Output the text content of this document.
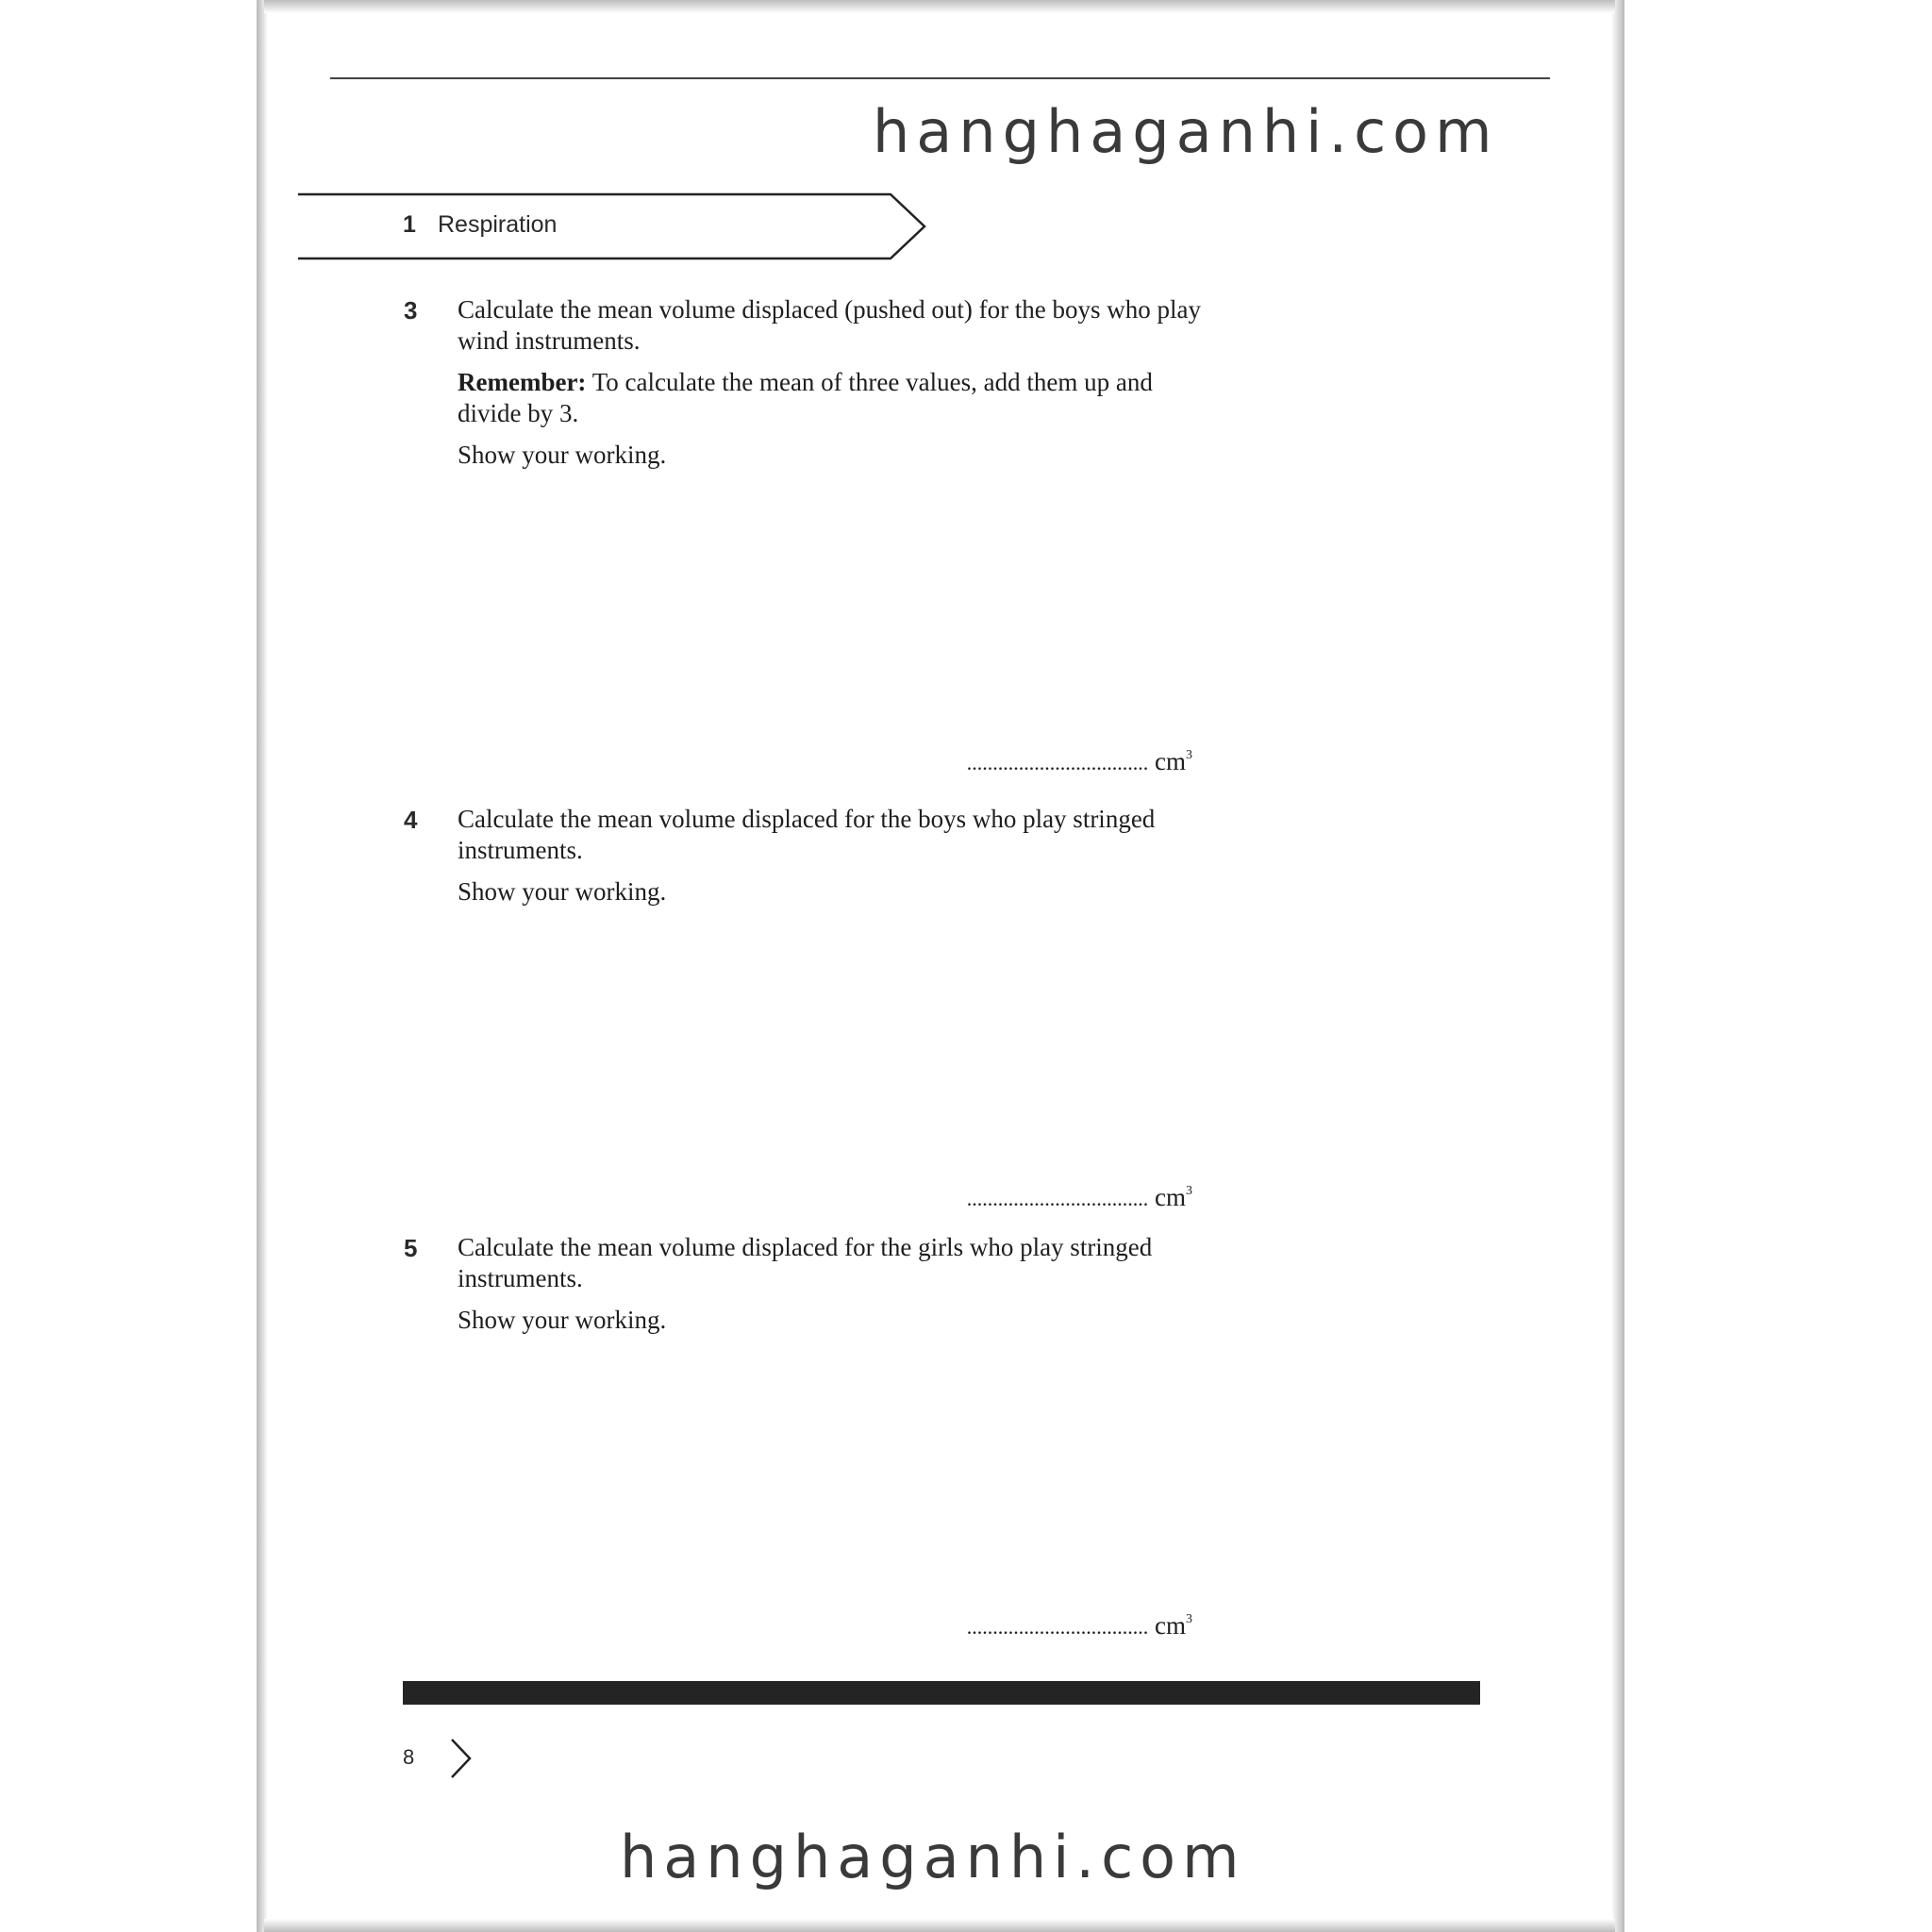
hanghaganhi.com
1 Respiration
3 Calculate the mean volume displaced (pushed out) for the boys who play wind instruments.
Remember: To calculate the mean of three values, add them up and divide by 3.
Show your working.
................................... $cm^3$
4 Calculate the mean volume displaced for the boys who play stringed instruments.
Show your working.
................................... $cm^3$
5 Calculate the mean volume displaced for the girls who play stringed instruments.
Show your working.
................................... $cm^3$
8
hanghaganhi.com
